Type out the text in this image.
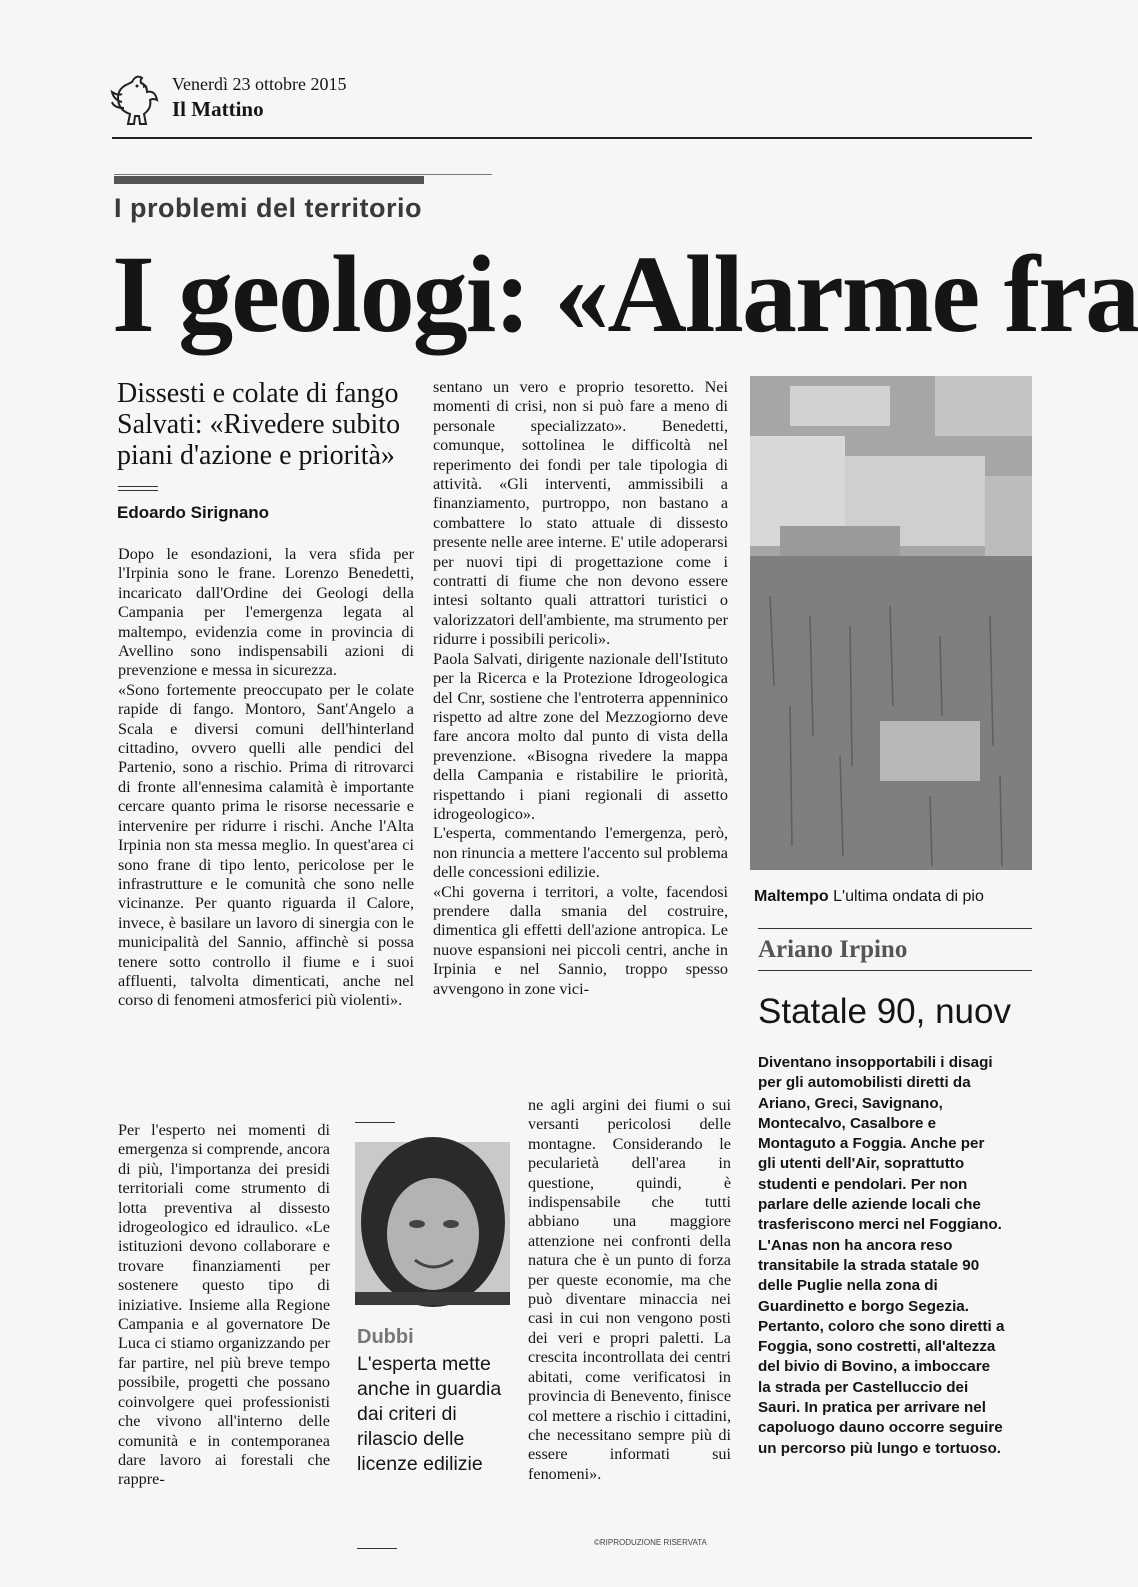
Venerdì 23 ottobre 2015
Il Mattino
I problemi del territorio
I geologi: «Allarme fra
Dissesti e colate di fango Salvati: «Rivedere subito piani d'azione e priorità»
Edoardo Sirignano

Dopo le esondazioni, la vera sfida per l'Irpinia sono le frane. Lorenzo Benedetti, incaricato dall'Ordine dei Geologi della Campania per l'emergenza legata al maltempo, evidenzia come in provincia di Avellino sono indispensabili azioni di prevenzione e messa in sicurezza.

«Sono fortemente preoccupato per le colate rapide di fango. Montoro, Sant'Angelo a Scala e diversi comuni dell'hinterland cittadino, ovvero quelli alle pendici del Partenio, sono a rischio. Prima di ritrovarci di fronte all'ennesima calamità è importante cercare quanto prima le risorse necessarie e intervenire per ridurre i rischi. Anche l'Alta Irpinia non sta messa meglio. In quest'area ci sono frane di tipo lento, pericolose per le infrastrutture e le comunità che sono nelle vicinanze. Per quanto riguarda il Calore, invece, è basilare un lavoro di sinergia con le municipalità del Sannio, affinchè si possa tenere sotto controllo il fiume e i suoi affluenti, talvolta dimenticati, anche nel corso di fenomeni atmosferici più violenti».

Per l'esperto nei momenti di emergenza si comprende, ancora di più, l'importanza dei presidi territoriali come strumento di lotta preventiva al dissesto idrogeologico ed idraulico. «Le istituzioni devono collaborare e trovare finanziamenti per sostenere questo tipo di iniziative. Insieme alla Regione Campania e al governatore De Luca ci stiamo organizzando per far partire, nel più breve tempo possibile, progetti che possano coinvolgere quei professionisti che vivono all'interno delle comunità e in contemporanea dare lavoro ai forestali che rappre-

sentano un vero e proprio tesoretto. Nei momenti di crisi, non si può fare a meno di personale specializzato». Benedetti, comunque, sottolinea le difficoltà nel reperimento dei fondi per tale tipologia di attività. «Gli interventi, ammissibili a finanziamento, purtroppo, non bastano a combattere lo stato attuale di dissesto presente nelle aree interne. E' utile adoperarsi per nuovi tipi di progettazione come i contratti di fiume che non devono essere intesi soltanto quali attrattori turistici o valorizzatori dell'ambiente, ma strumento per ridurre i possibili pericoli».

Paola Salvati, dirigente nazionale dell'Istituto per la Ricerca e la Protezione Idrogeologica del Cnr, sostiene che l'entroterra appenninico rispetto ad altre zone del Mezzogiorno deve fare ancora molto dal punto di vista della prevenzione. «Bisogna rivedere la mappa della Campania e ristabilire le priorità, rispettando i piani regionali di assetto idrogeologico».

L'esperta, commentando l'emergenza, però, non rinuncia a mettere l'accento sul problema delle concessioni edilizie.

«Chi governa i territori, a volte, facendosi prendere dalla smania del costruire, dimentica gli effetti dell'azione antropica. Le nuove espansioni nei piccoli centri, anche in Irpinia e nel Sannio, troppo spesso avvengono in zone vici-

ne agli argini dei fiumi o sui versanti pericolosi delle montagne. Considerando le pecularietà dell'area in questione, quindi, è indispensabile che tutti abbiano una maggiore attenzione nei confronti della natura che è un punto di forza per queste economie, ma che può diventare minaccia nei casi in cui non vengono posti dei veri e propri paletti. La crescita incontrollata dei centri abitati, come verificatosi in provincia di Benevento, finisce col mettere a rischio i cittadini, che necessitano sempre più di essere informati sui fenomeni».

Dubbi
L'esperta mette anche in guardia dai criteri di rilascio delle licenze edilizie
©RIPRODUZIONE RISERVATA
Maltempo L'ultima ondata di pio
Ariano Irpino
Statale 90, nuov
Diventano insopportabili i disagi per gli automobilisti diretti da Ariano, Greci, Savignano, Montecalvo, Casalbore e Montaguto a Foggia. Anche per gli utenti dell'Air, soprattutto studenti e pendolari. Per non parlare delle aziende locali che trasferiscono merci nel Foggiano. L'Anas non ha ancora reso transitabile la strada statale 90 delle Puglie nella zona di Guardinetto e borgo Segezia. Pertanto, coloro che sono diretti a Foggia, sono costretti, all'altezza del bivio di Bovino, a imboccare la strada per Castelluccio dei Sauri. In pratica per arrivare nel capoluogo dauno occorre seguire un percorso più lungo e tortuoso.
